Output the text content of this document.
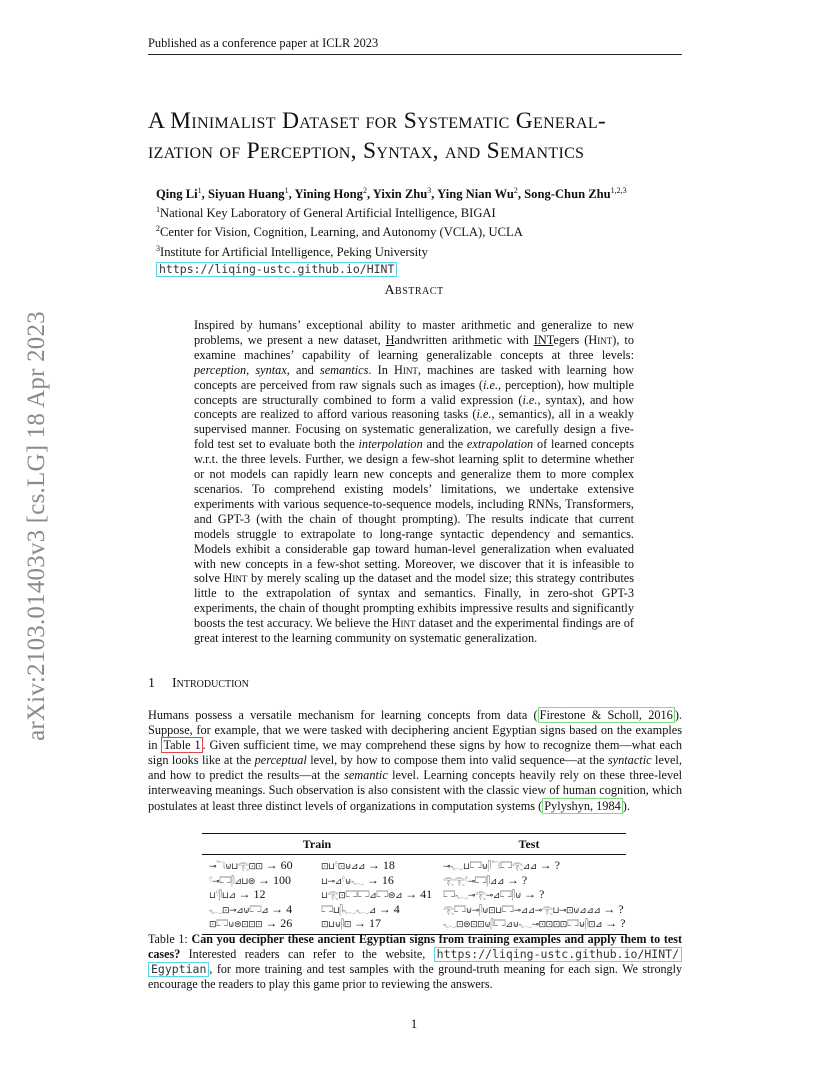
arXiv:2103.01403v3 [cs.LG] 18 Apr 2023
Published as a conference paper at ICLR 2023
A Minimalist Dataset for Systematic General-
ization of Perception, Syntax, and Semantics
Qing Li$^1$, Siyuan Huang$^1$, Yining Hong$^2$, Yixin Zhu$^3$, Ying Nian Wu$^2$, Song-Chun Zhu$^{1,2,3}$
$^1$National Key Laboratory of General Artificial Intelligence, BIGAI
$^2$Center for Vision, Cognition, Learning, and Autonomy (VCLA), UCLA
$^3$Institute for Artificial Intelligence, Peking University
https://liqing-ustc.github.io/HINT
Abstract
Inspired by humans’ exceptional ability to master arithmetic and generalize to new problems, we present a new dataset, Handwritten arithmetic with INTegers (Hint), to examine machines’ capability of learning generalizable concepts at three levels: perception, syntax, and semantics. In Hint, machines are tasked with learning how concepts are perceived from raw signals such as images (i.e., perception), how multiple concepts are structurally combined to form a valid expression (i.e., syntax), and how concepts are realized to afford various reasoning tasks (i.e., semantics), all in a weakly supervised manner. Focusing on systematic generalization, we carefully design a five-fold test set to evaluate both the interpolation and the extrapolation of learned concepts w.r.t. the three levels. Further, we design a few-shot learning split to determine whether or not models can rapidly learn new concepts and generalize them to more complex scenarios. To comprehend existing models’ limitations, we undertake extensive experiments with various sequence-to-sequence models, including RNNs, Transformers, and GPT-3 (with the chain of thought prompting). The results indicate that current models struggle to extrapolate to long-range syntactic dependency and semantics. Models exhibit a considerable gap toward human-level generalization when evaluated with new concepts in a few-shot setting. Moreover, we discover that it is infeasible to solve Hint by merely scaling up the dataset and the model size; this strategy contributes little to the extrapolation of syntax and semantics. Finally, in zero-shot GPT-3 experiments, the chain of thought prompting exhibits impressive results and significantly boosts the test accuracy. We believe the Hint dataset and the experimental findings are of great interest to the learning community on systematic generalization.
1 Introduction
Humans possess a versatile mechanism for learning concepts from data ( Firestone & Scholl, 2016 ). Suppose, for example, that we were tasked with deciphering ancient Egyptian signs based on the examples in Table 1 . Given sufficient time, we may comprehend these signs by how to recognize them—what each sign looks like at the perceptual level, by how to compose them into valid sequence—at the syntactic level, and how to predict the results—at the semantic level. Learning concepts heavily rely on these three-level interweaving meanings. Such observation is also consistent with the classic view of human cognition, which postulates at least three distinct levels of organizations in computation systems ( Pylyshyn, 1984 ).
Train	Test
⊸𓆓⊍⊔𓂀⊡⊡ → 60	⊡⊔𓍢⊡⊍⊿⊿ → 18	⊸𓆑⊔𓉐⊍𓋴𓆓𓉐𓂀⊿⊿ → ?
𓍢⊸𓉐𓋴⊿⊔⊜ → 100	⊔⊸⊿𓍢⊍𓆑 → 16	𓂀𓂀𓍢⊸𓉐𓋴⊿⊿ → ?
⊔𓍢𓋴⊔⊿ → 12	⊔𓂀⊡𓉐𓉐⊿𓉐⊜⊿ → 41	𓉐𓆑⊸𓂀⊸⊿𓉐𓋴⊍ → ?
𓆑⊡⊸⊿⊍𓉐⊿ → 4	𓉐⊔𓋴𓆑𓆑⊿ → 4	𓂀𓉐⊍⊸𓋴⊍⊡⊔𓉐⊸⊿⊿⊸𓂀⊔⊸⊡⊍⊿⊿⊿ → ?
⊡𓉐⊍⊜⊡⊡⊡ → 26	⊡⊔⊍𓋴⊡ → 17	𓆑⊡⊜⊡⊡⊍𓋴𓉐⊿⊍𓆑⊸⊡⊡⊡⊡𓉐⊍𓋴⊡⊿ → ?
Table 1: Can you decipher these ancient Egyptian signs from training examples and apply them to test cases? Interested readers can refer to the website, https://liqing-ustc.github.io/HINT/ Egyptian , for more training and test samples with the ground-truth meaning for each sign. We strongly encourage the readers to play this game prior to reviewing the answers.
1
